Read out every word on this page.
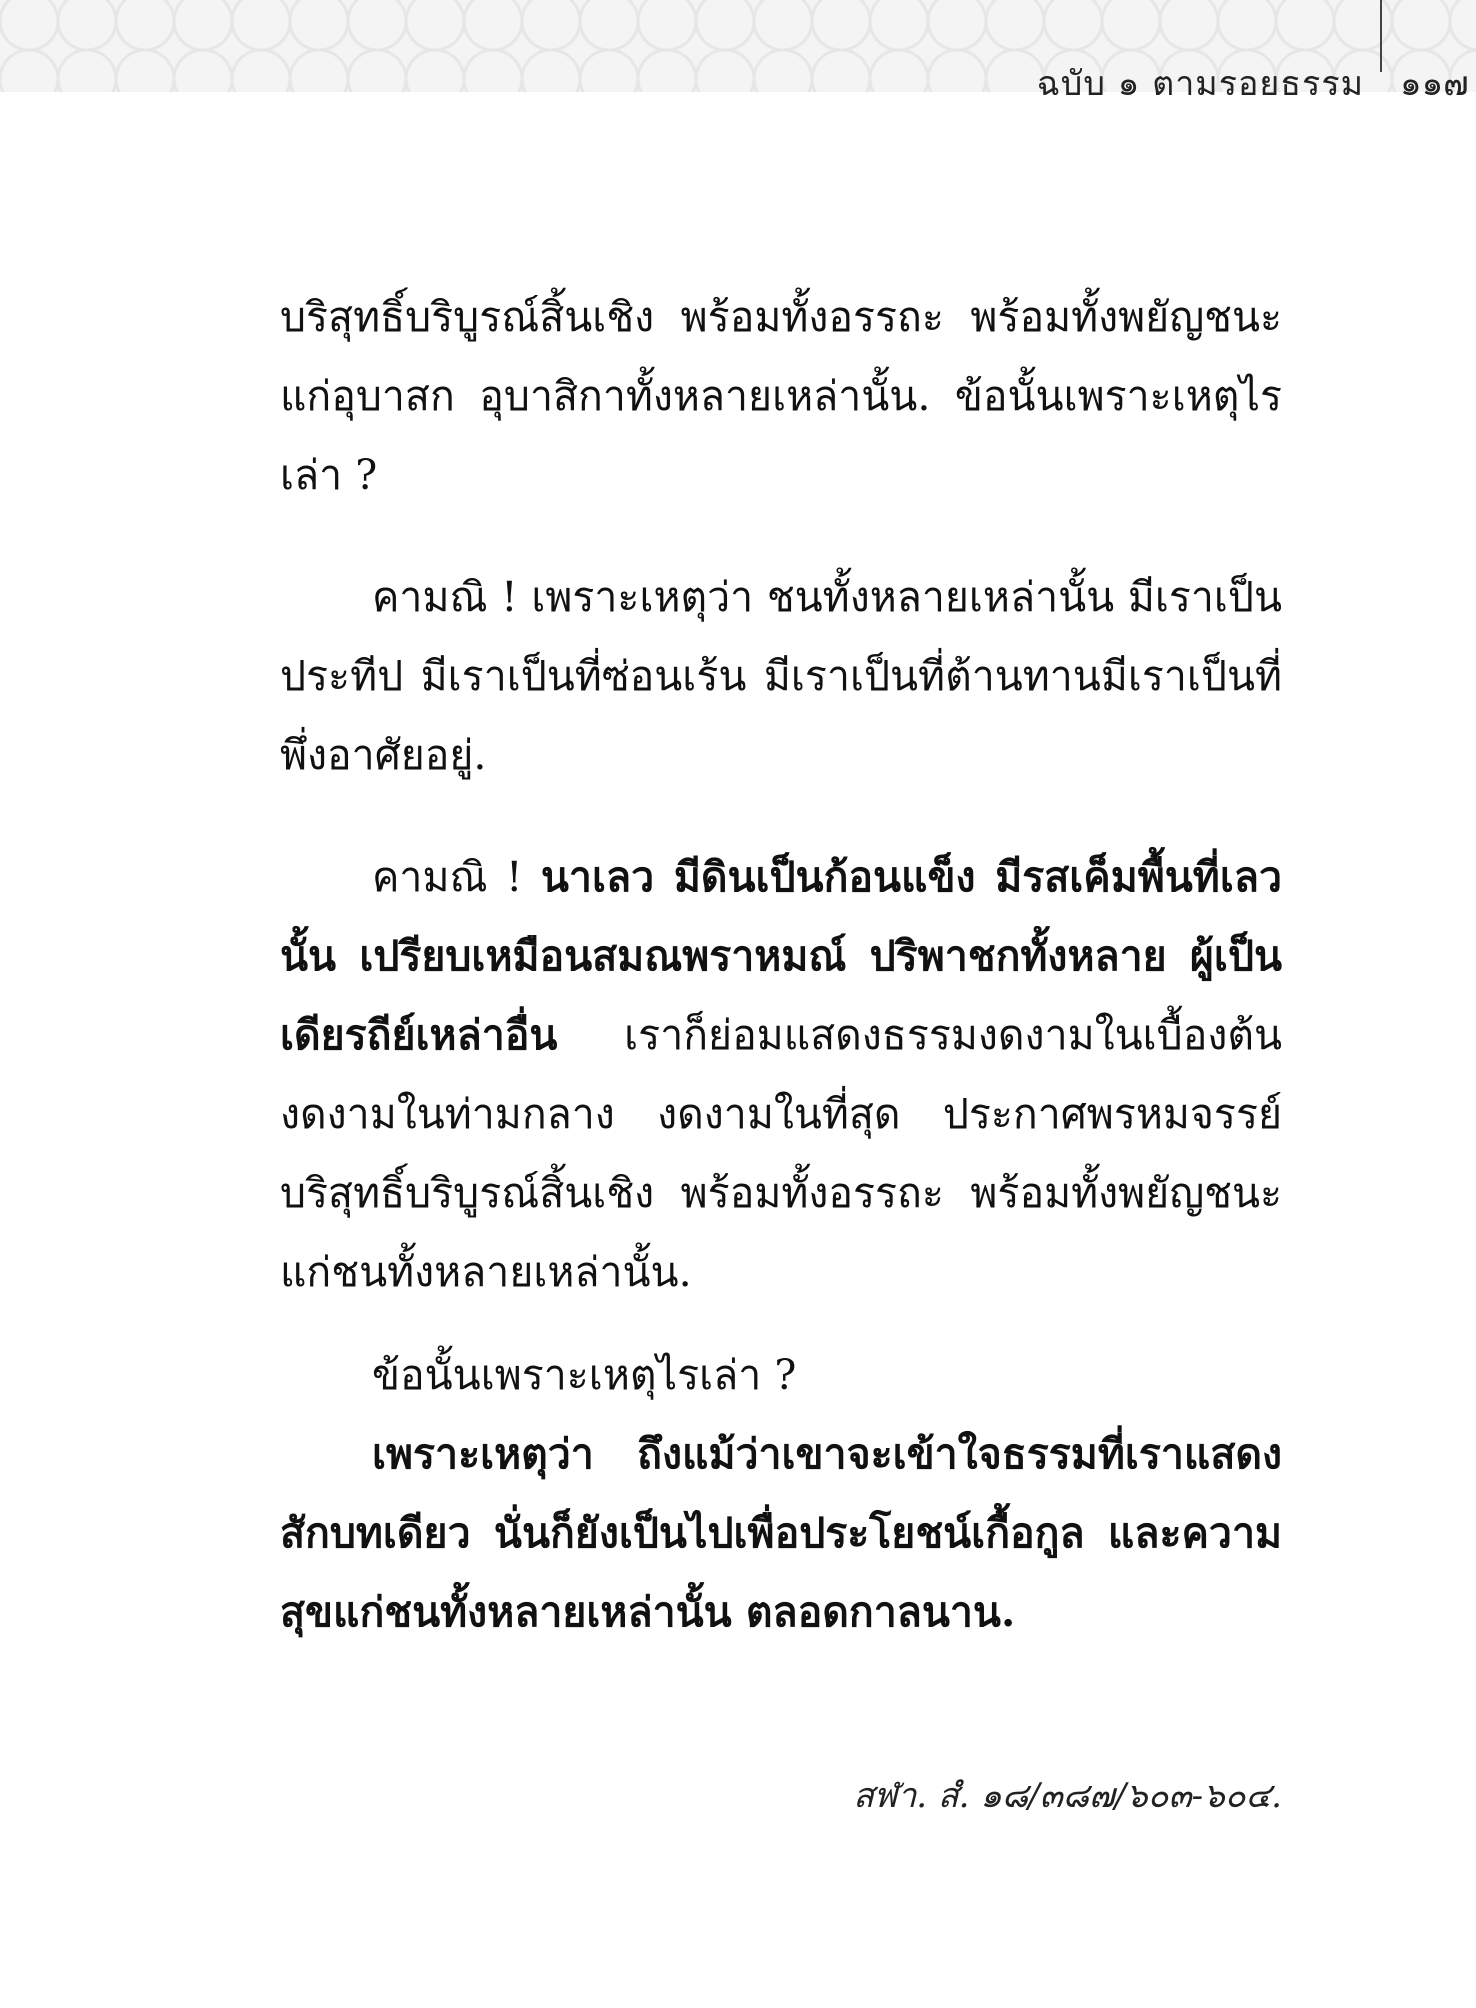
ฉบับ ๑ ตามรอยธรรม	๑๑๗

บริสุทธิ์บริบูรณ์สิ้นเชิง พร้อมทั้งอรรถะ พร้อมทั้งพยัญชนะ แก่อุบาสก อุบาสิกาทั้งหลายเหล่านั้น. ข้อนั้นเพราะเหตุไรเล่า ?

คามณิ ! เพราะเหตุว่า ชนทั้งหลายเหล่านั้น มีเราเป็นประทีป มีเราเป็นที่ซ่อนเร้น มีเราเป็นที่ต้านทานมีเราเป็นที่พึ่งอาศัยอยู่.

คามณิ ! นาเลว มีดินเป็นก้อนแข็ง มีรสเค็มพื้นที่เลวนั้น เปรียบเหมือนสมณพราหมณ์ ปริพาชกทั้งหลาย ผู้เป็นเดียรถีย์เหล่าอื่น เราก็ย่อมแสดงธรรมงดงามในเบื้องต้น งดงามในท่ามกลาง งดงามในที่สุด ประกาศพรหมจรรย์บริสุทธิ์บริบูรณ์สิ้นเชิง พร้อมทั้งอรรถะ พร้อมทั้งพยัญชนะ แก่ชนทั้งหลายเหล่านั้น.

ข้อนั้นเพราะเหตุไรเล่า ?

เพราะเหตุว่า ถึงแม้ว่าเขาจะเข้าใจธรรมที่เราแสดงสักบทเดียว นั่นก็ยังเป็นไปเพื่อประโยชน์เกื้อกูล และความสุขแก่ชนทั้งหลายเหล่านั้น ตลอดกาลนาน.

สฬา. สํ. ๑๘/๓๘๗/๖๐๓-๖๐๔.
